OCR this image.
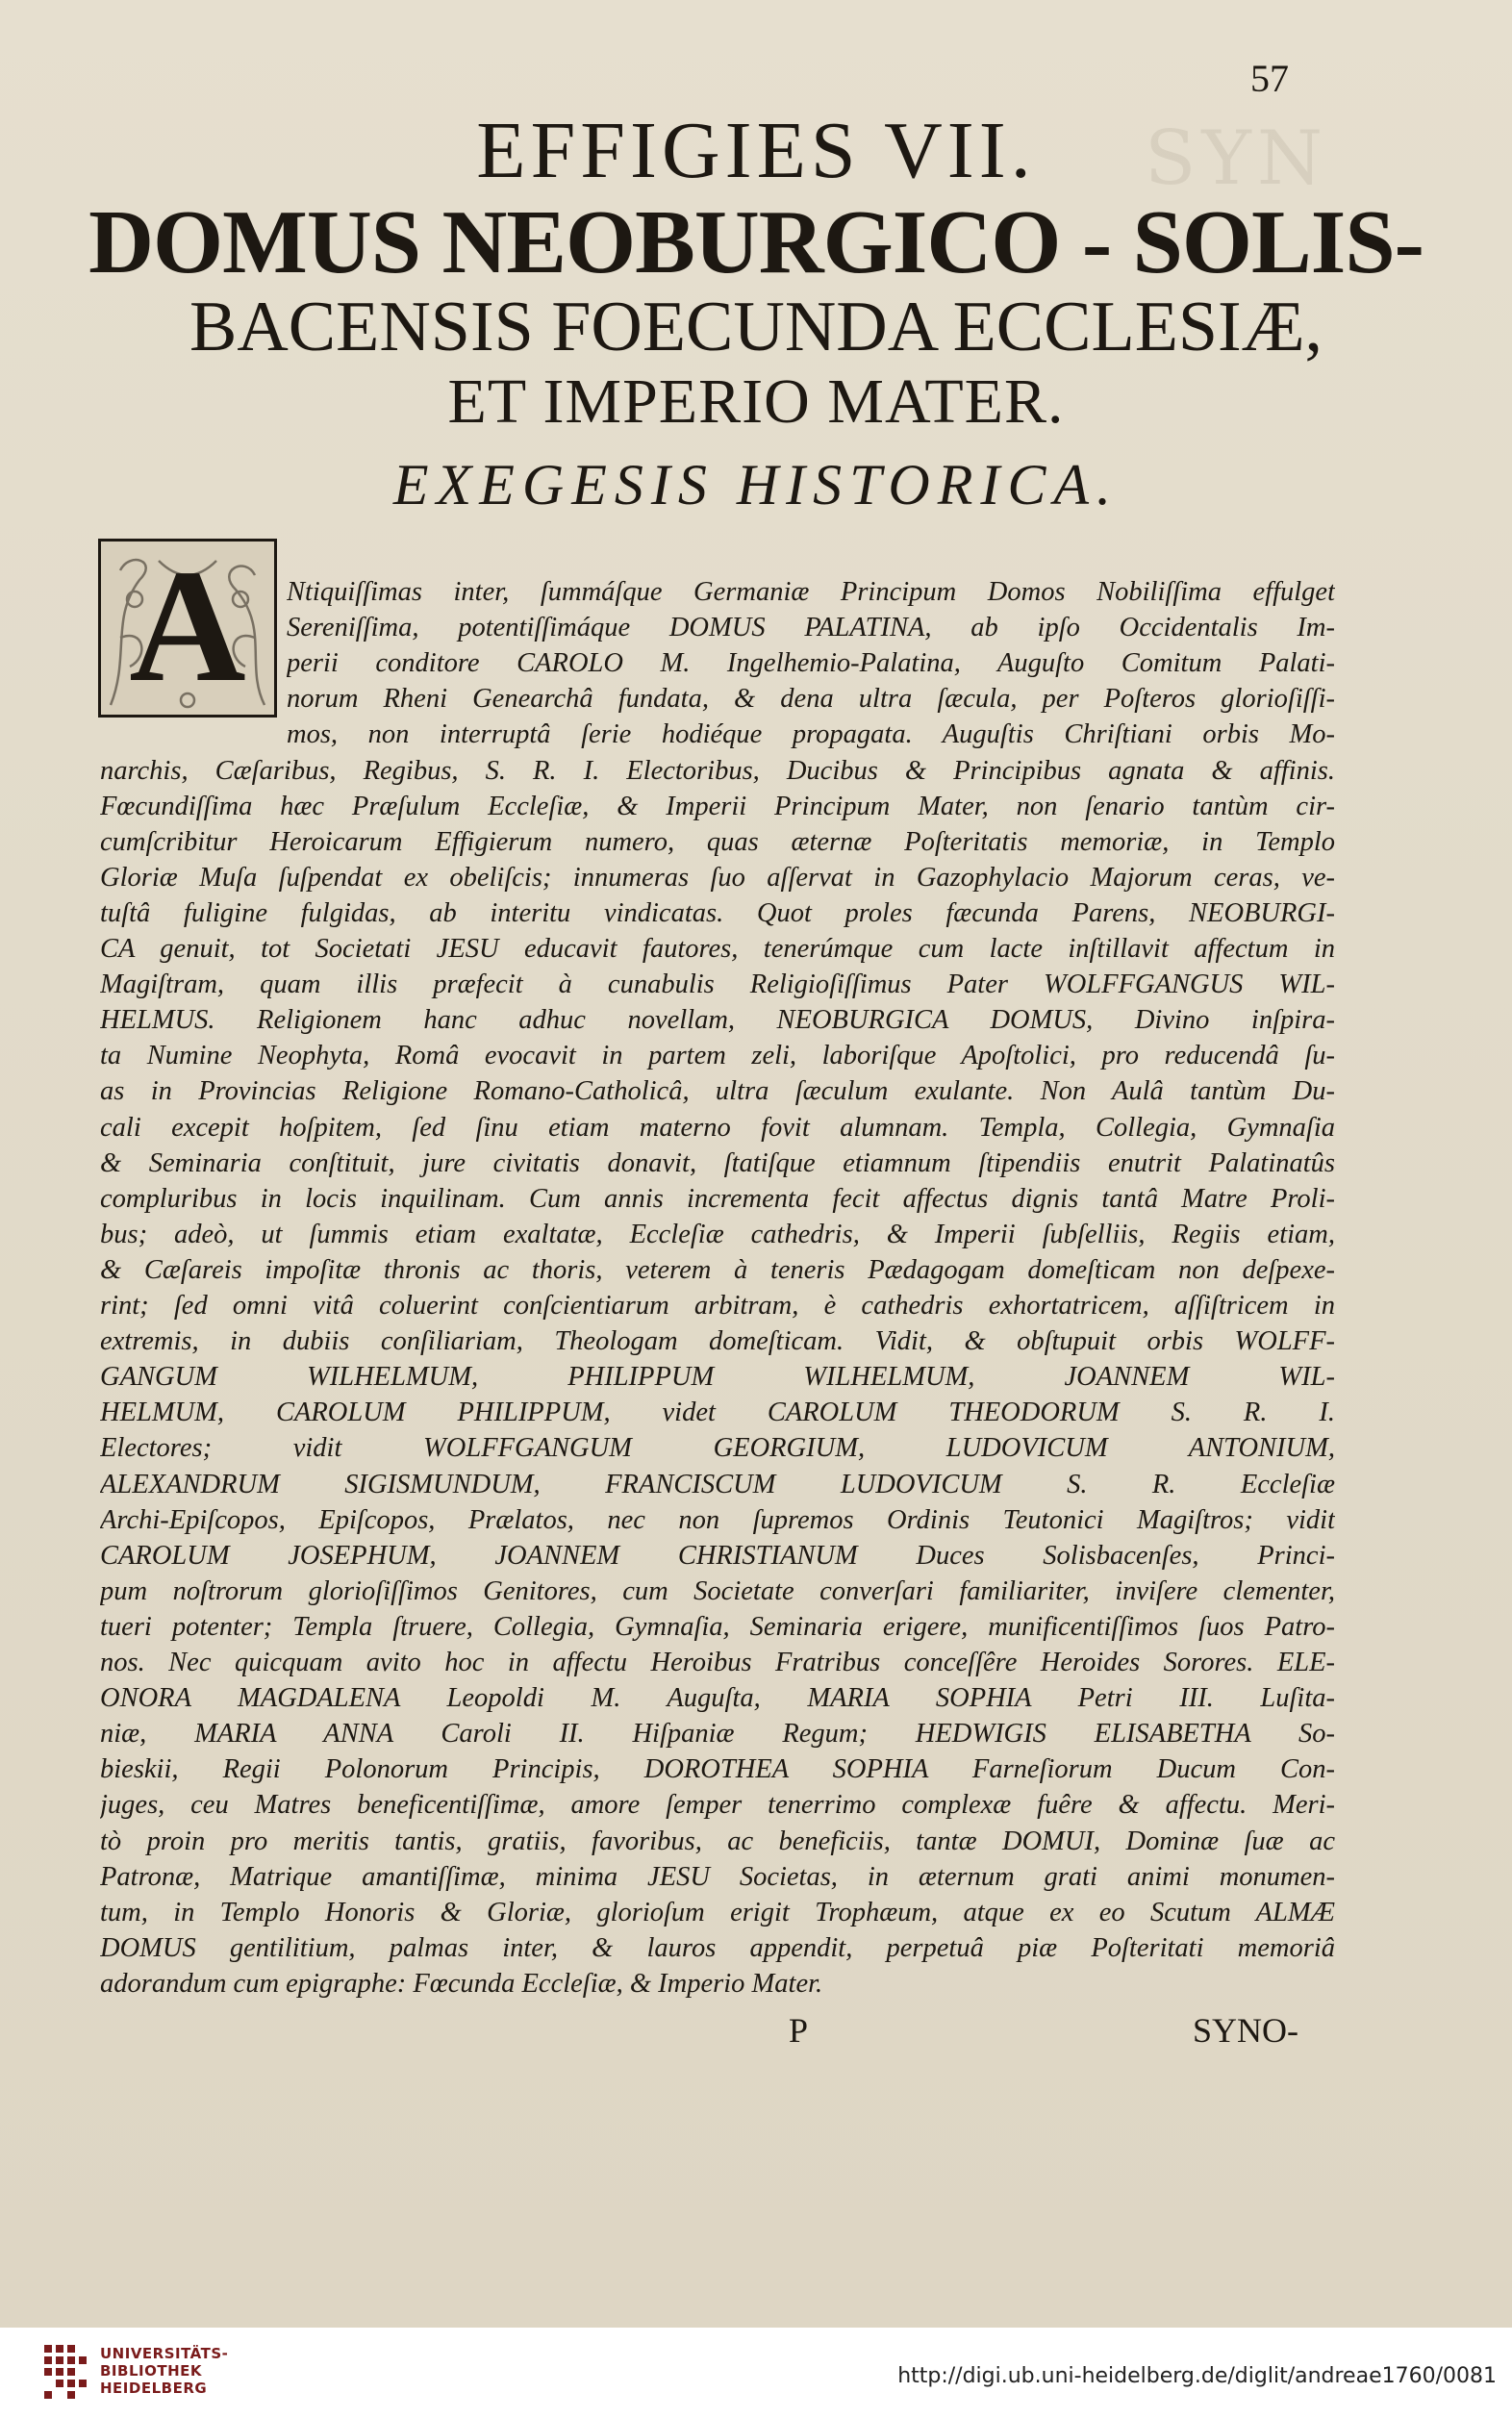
SYN
57
EFFIGIES VII.
DOMUS NEOBURGICO - SOLIS-
BACENSIS FOECUNDA ECCLESIÆ,
ET IMPERIO MATER.
EXEGESIS HISTORICA.
A	Ntiquiſſimas inter, ſummáſque Germaniæ Principum Domos Nobiliſſima effulget
Sereniſſima, potentiſſimáque DOMUS PALATINA, ab ipſo Occidentalis Im-
perii conditore CAROLO M. Ingelhemio-Palatina, Auguſto Comitum Palati-
norum Rheni Genearchâ fundata, & dena ultra ſæcula, per Poſteros glorioſiſſi-
mos, non interruptâ ſerie hodiéque propagata. Auguſtis Chriſtiani orbis Mo-
narchis, Cæſaribus, Regibus, S. R. I. Electoribus, Ducibus & Principibus agnata & affinis.
Fœcundiſſima hæc Præſulum Eccleſiæ, & Imperii Principum Mater, non ſenario tantùm cir-
cumſcribitur Heroicarum Effigierum numero, quas æternæ Poſteritatis memoriæ, in Templo
Gloriæ Muſa ſuſpendat ex obeliſcis; innumeras ſuo aſſervat in Gazophylacio Majorum ceras, ve-
tuſtâ fuligine fulgidas, ab interitu vindicatas. Quot proles fæcunda Parens, NEOBURGI-
CA genuit, tot Societati JESU educavit fautores, tenerúmque cum lacte inſtillavit affectum in
Magiſtram, quam illis præfecit à cunabulis Religioſiſſimus Pater WOLFFGANGUS WIL-
HELMUS. Religionem hanc adhuc novellam, NEOBURGICA DOMUS, Divino inſpira-
ta Numine Neophyta, Româ evocavit in partem zeli, laboriſque Apoſtolici, pro reducendâ ſu-
as in Provincias Religione Romano-Catholicâ, ultra ſæculum exulante. Non Aulâ tantùm Du-
cali excepit hoſpitem, ſed ſinu etiam materno fovit alumnam. Templa, Collegia, Gymnaſia
& Seminaria conſtituit, jure civitatis donavit, ſtatiſque etiamnum ſtipendiis enutrit Palatinatûs
compluribus in locis inquilinam. Cum annis incrementa fecit affectus dignis tantâ Matre Proli-
bus; adeò, ut ſummis etiam exaltatæ, Eccleſiæ cathedris, & Imperii ſubſelliis, Regiis etiam,
& Cæſareis impoſitæ thronis ac thoris, veterem à teneris Pædagogam domeſticam non deſpexe-
rint; ſed omni vitâ coluerint conſcientiarum arbitram, è cathedris exhortatricem, aſſiſtricem in
extremis, in dubiis conſiliariam, Theologam domeſticam. Vidit, & obſtupuit orbis WOLFF-
GANGUM WILHELMUM, PHILIPPUM WILHELMUM, JOANNEM WIL-
HELMUM, CAROLUM PHILIPPUM, videt CAROLUM THEODORUM S. R. I.
Electores; vidit WOLFFGANGUM GEORGIUM, LUDOVICUM ANTONIUM,
ALEXANDRUM SIGISMUNDUM, FRANCISCUM LUDOVICUM S. R. Eccleſiæ
Archi-Epiſcopos, Epiſcopos, Prælatos, nec non ſupremos Ordinis Teutonici Magiſtros; vidit
CAROLUM JOSEPHUM, JOANNEM CHRISTIANUM Duces Solisbacenſes, Princi-
pum noſtrorum glorioſiſſimos Genitores, cum Societate converſari familiariter, inviſere clementer,
tueri potenter; Templa ſtruere, Collegia, Gymnaſia, Seminaria erigere, munificentiſſimos ſuos Patro-
nos. Nec quicquam avito hoc in affectu Heroibus Fratribus conceſſêre Heroides Sorores. ELE-
ONORA MAGDALENA Leopoldi M. Auguſta, MARIA SOPHIA Petri III. Luſita-
niæ, MARIA ANNA Caroli II. Hiſpaniæ Regum; HEDWIGIS ELISABETHA So-
bieskii, Regii Polonorum Principis, DOROTHEA SOPHIA Farneſiorum Ducum Con-
juges, ceu Matres beneficentiſſimæ, amore ſemper tenerrimo complexæ fuêre & affectu. Meri-
tò proin pro meritis tantis, gratiis, favoribus, ac beneficiis, tantæ DOMUI, Dominæ ſuæ ac
Patronæ, Matrique amantiſſimæ, minima JESU Societas, in æternum grati animi monumen-
tum, in Templo Honoris & Gloriæ, glorioſum erigit Trophæum, atque ex eo Scutum ALMÆ
DOMUS gentilitium, palmas inter, & lauros appendit, perpetuâ piæ Poſteritati memoriâ
adorandum cum epigraphe: Fœcunda Eccleſiæ, & Imperio Mater.
P	SYNO-
UNIVERSITÄTS-
BIBLIOTHEK
HEIDELBERG	http://digi.ub.uni-heidelberg.de/diglit/andreae1760/0081
